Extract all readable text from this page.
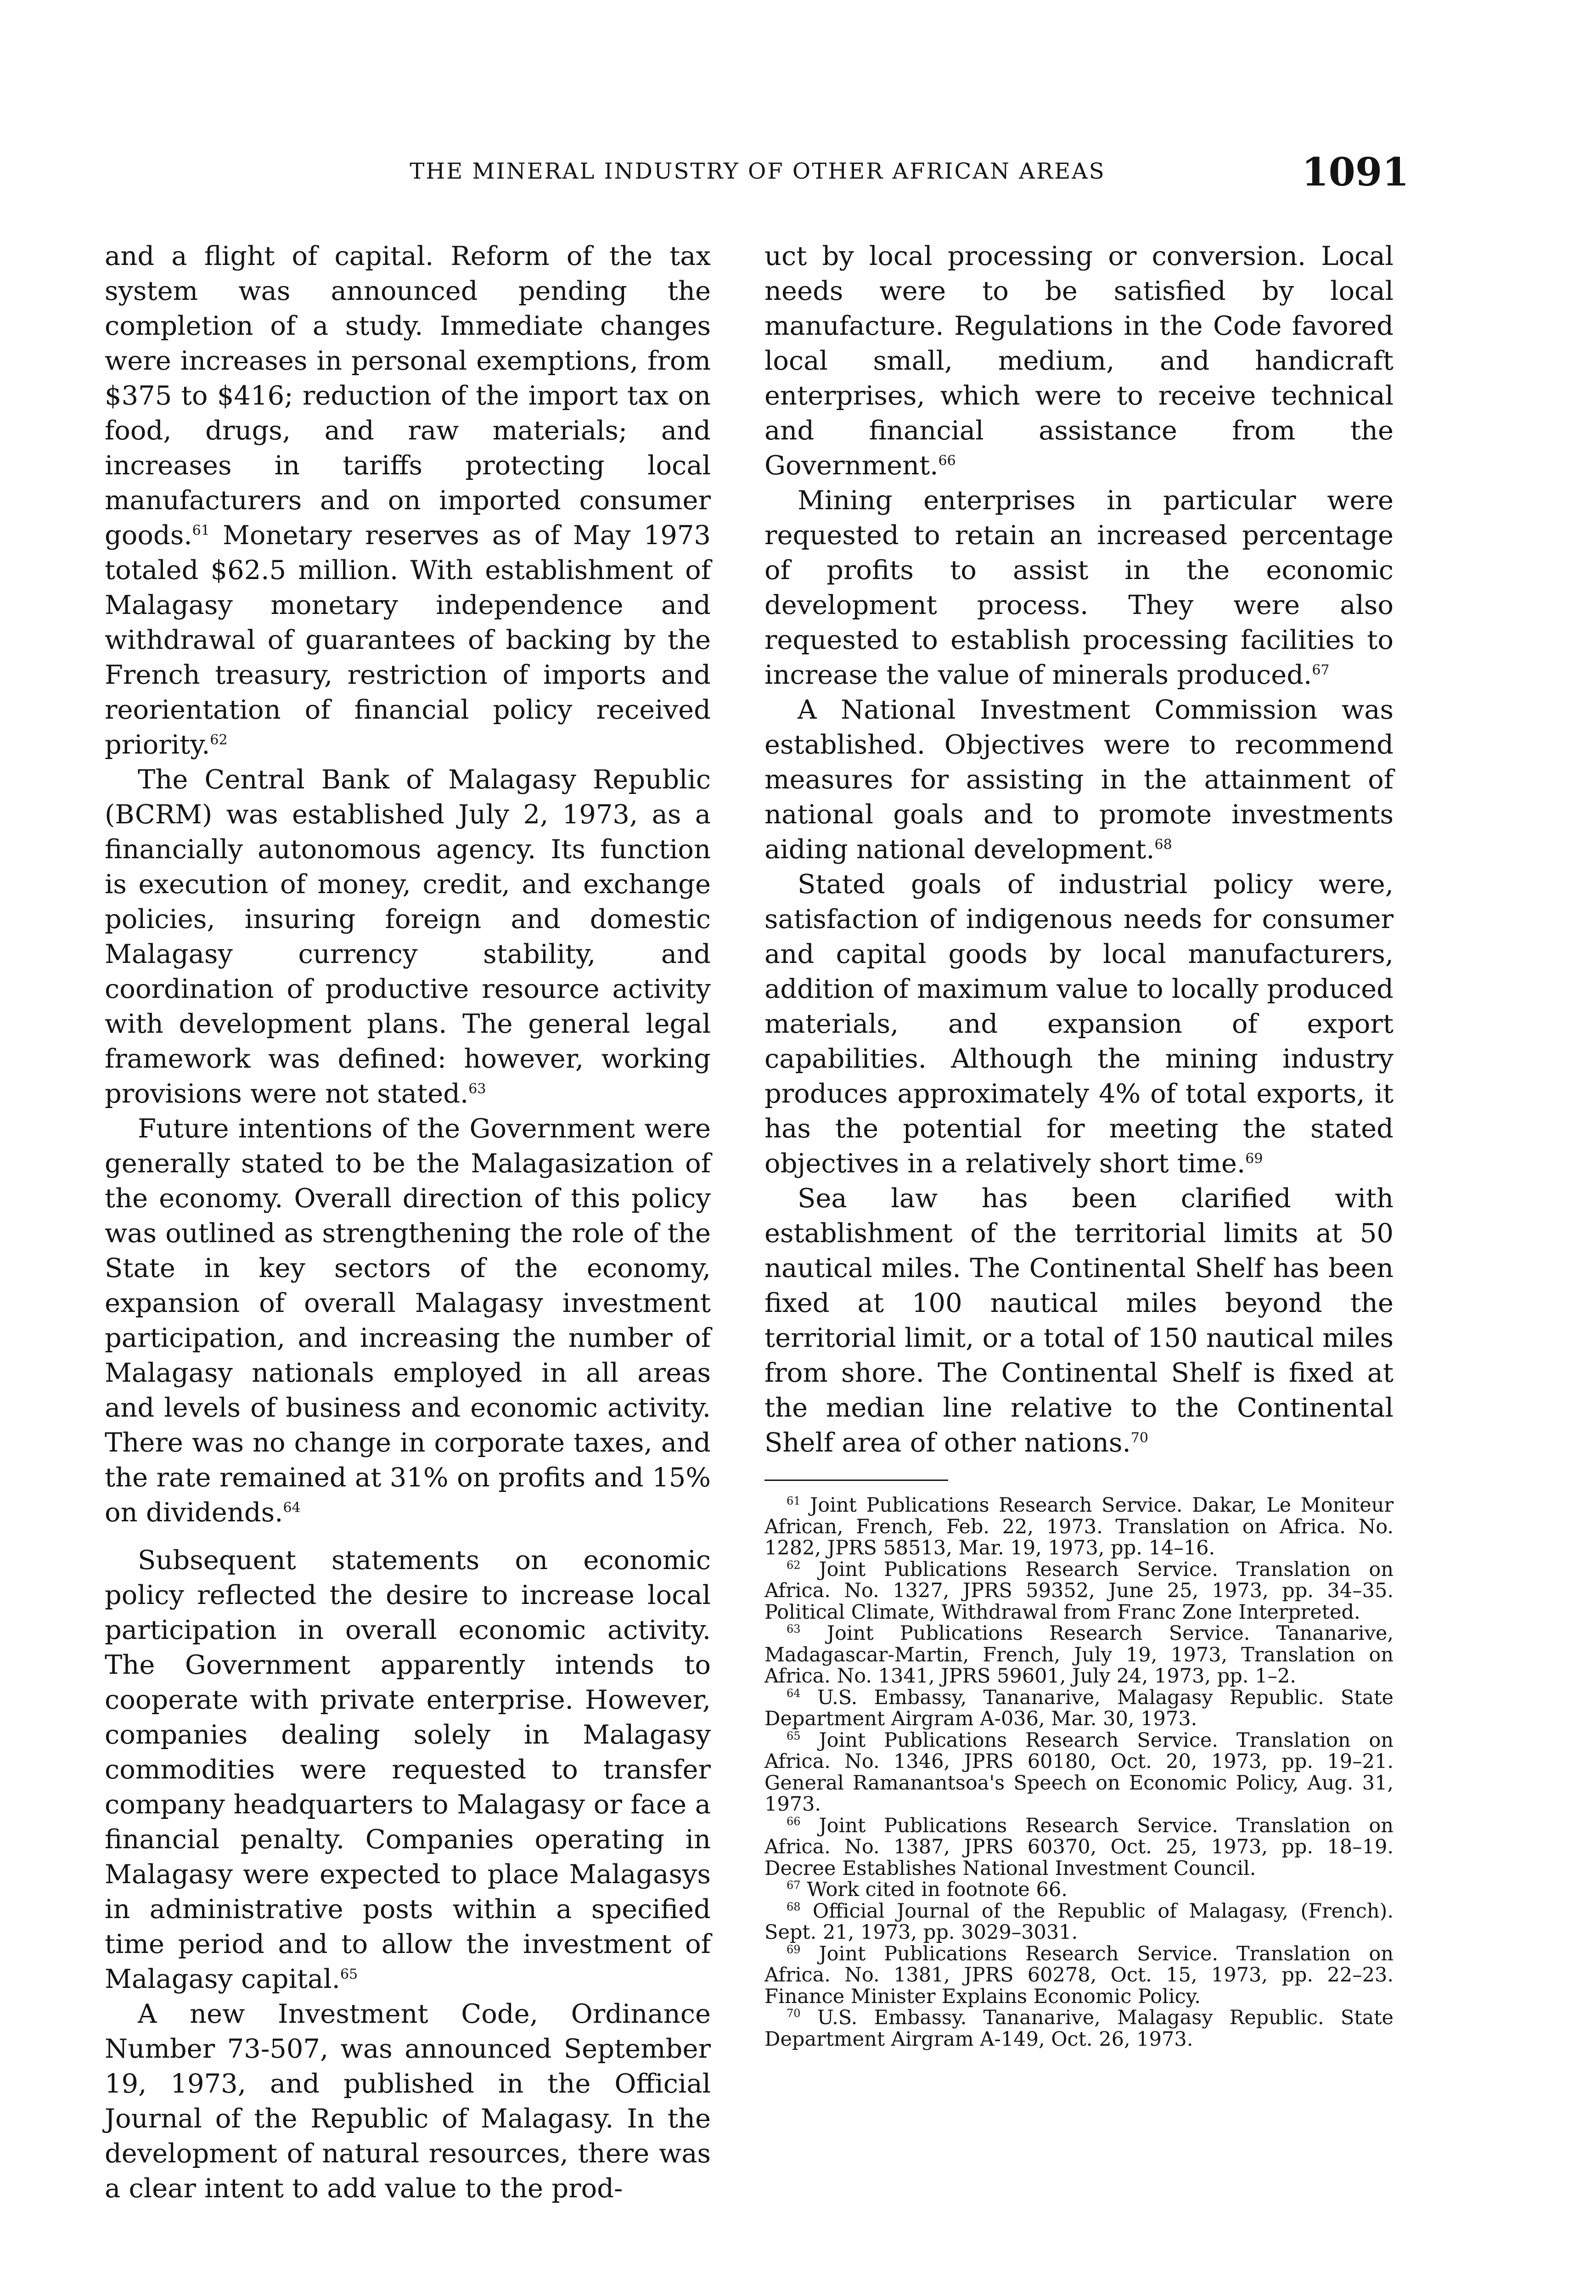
THE MINERAL INDUSTRY OF OTHER AFRICAN AREAS	1091

and a flight of capital. Reform of the tax system was announced pending the completion of a study. Immediate changes were increases in personal exemptions, from $375 to $416; reduction of the import tax on food, drugs, and raw materials; and increases in tariffs protecting local manufacturers and on imported consumer goods.$^{61}$ Monetary reserves as of May 1973 totaled $62.5 million. With establishment of Malagasy monetary independence and withdrawal of guarantees of backing by the French treasury, restriction of imports and reorientation of financial policy received priority.$^{62}$

The Central Bank of Malagasy Republic (BCRM) was established July 2, 1973, as a financially autonomous agency. Its function is execution of money, credit, and exchange policies, insuring foreign and domestic Malagasy currency stability, and coordination of productive resource activity with development plans. The general legal framework was defined: however, working provisions were not stated.$^{63}$

Future intentions of the Government were generally stated to be the Malagasization of the economy. Overall direction of this policy was outlined as strengthening the role of the State in key sectors of the economy, expansion of overall Malagasy investment participation, and increasing the number of Malagasy nationals employed in all areas and levels of business and economic activity. There was no change in corporate taxes, and the rate remained at 31% on profits and 15% on dividends.$^{64}$

Subsequent statements on economic policy reflected the desire to increase local participation in overall economic activity. The Government apparently intends to cooperate with private enterprise. However, companies dealing solely in Malagasy commodities were requested to transfer company headquarters to Malagasy or face a financial penalty. Companies operating in Malagasy were expected to place Malagasys in administrative posts within a specified time period and to allow the investment of Malagasy capital.$^{65}$

A new Investment Code, Ordinance Number 73-507, was announced September 19, 1973, and published in the Official Journal of the Republic of Malagasy. In the development of natural resources, there was a clear intent to add value to the prod-

uct by local processing or conversion. Local needs were to be satisfied by local manufacture. Regulations in the Code favored local small, medium, and handicraft enterprises, which were to receive technical and financial assistance from the Government.$^{66}$

Mining enterprises in particular were requested to retain an increased percentage of profits to assist in the economic development process. They were also requested to establish processing facilities to increase the value of minerals produced.$^{67}$

A National Investment Commission was established. Objectives were to recommend measures for assisting in the attainment of national goals and to promote investments aiding national development.$^{68}$

Stated goals of industrial policy were, satisfaction of indigenous needs for consumer and capital goods by local manufacturers, addition of maximum value to locally produced materials, and expansion of export capabilities. Although the mining industry produces approximately 4% of total exports, it has the potential for meeting the stated objectives in a relatively short time.$^{69}$

Sea law has been clarified with establishment of the territorial limits at 50 nautical miles. The Continental Shelf has been fixed at 100 nautical miles beyond the territorial limit, or a total of 150 nautical miles from shore. The Continental Shelf is fixed at the median line relative to the Continental Shelf area of other nations.$^{70}$

$^{61}$ Joint Publications Research Service. Dakar, Le Moniteur African, French, Feb. 22, 1973. Translation on Africa. No. 1282, JPRS 58513, Mar. 19, 1973, pp. 14–16.

$^{62}$ Joint Publications Research Service. Translation on Africa. No. 1327, JPRS 59352, June 25, 1973, pp. 34–35. Political Climate, Withdrawal from Franc Zone Interpreted.

$^{63}$ Joint Publications Research Service. Tananarive, Madagascar-Martin, French, July 19, 1973, Translation on Africa. No. 1341, JPRS 59601, July 24, 1973, pp. 1–2.

$^{64}$ U.S. Embassy, Tananarive, Malagasy Republic. State Department Airgram A-036, Mar. 30, 1973.

$^{65}$ Joint Publications Research Service. Translation on Africa. No. 1346, JPRS 60180, Oct. 20, 1973, pp. 19–21. General Ramanantsoa's Speech on Economic Policy, Aug. 31, 1973.

$^{66}$ Joint Publications Research Service. Translation on Africa. No. 1387, JPRS 60370, Oct. 25, 1973, pp. 18–19. Decree Establishes National Investment Council.

$^{67}$ Work cited in footnote 66.

$^{68}$ Official Journal of the Republic of Malagasy, (French). Sept. 21, 1973, pp. 3029–3031.

$^{69}$ Joint Publications Research Service. Translation on Africa. No. 1381, JPRS 60278, Oct. 15, 1973, pp. 22–23. Finance Minister Explains Economic Policy.

$^{70}$ U.S. Embassy. Tananarive, Malagasy Republic. State Department Airgram A-149, Oct. 26, 1973.
